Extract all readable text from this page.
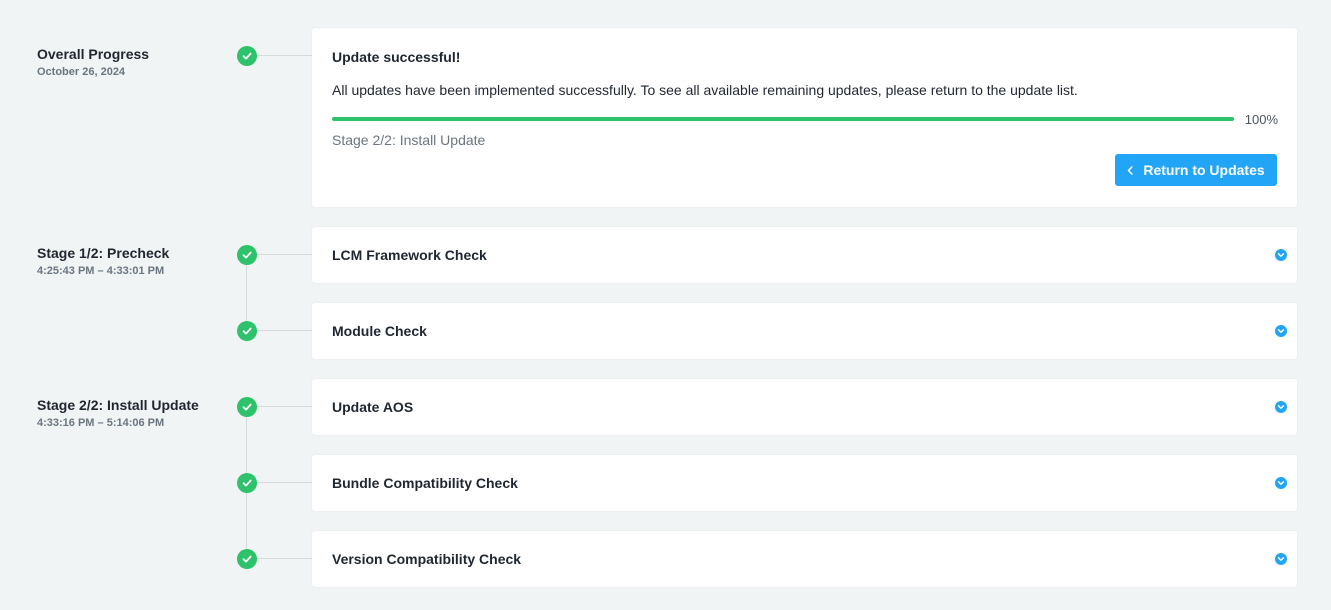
Overall Progress
October 26, 2024
Stage 1/2: Precheck
4:25:43 PM – 4:33:01 PM
Stage 2/2: Install Update
4:33:16 PM – 5:14:06 PM
Update successful!
All updates have been implemented successfully. To see all available remaining updates, please return to the update list.
100%
Stage 2/2: Install Update
Return to Updates
LCM Framework Check
Module Check
Update AOS
Bundle Compatibility Check
Version Compatibility Check
